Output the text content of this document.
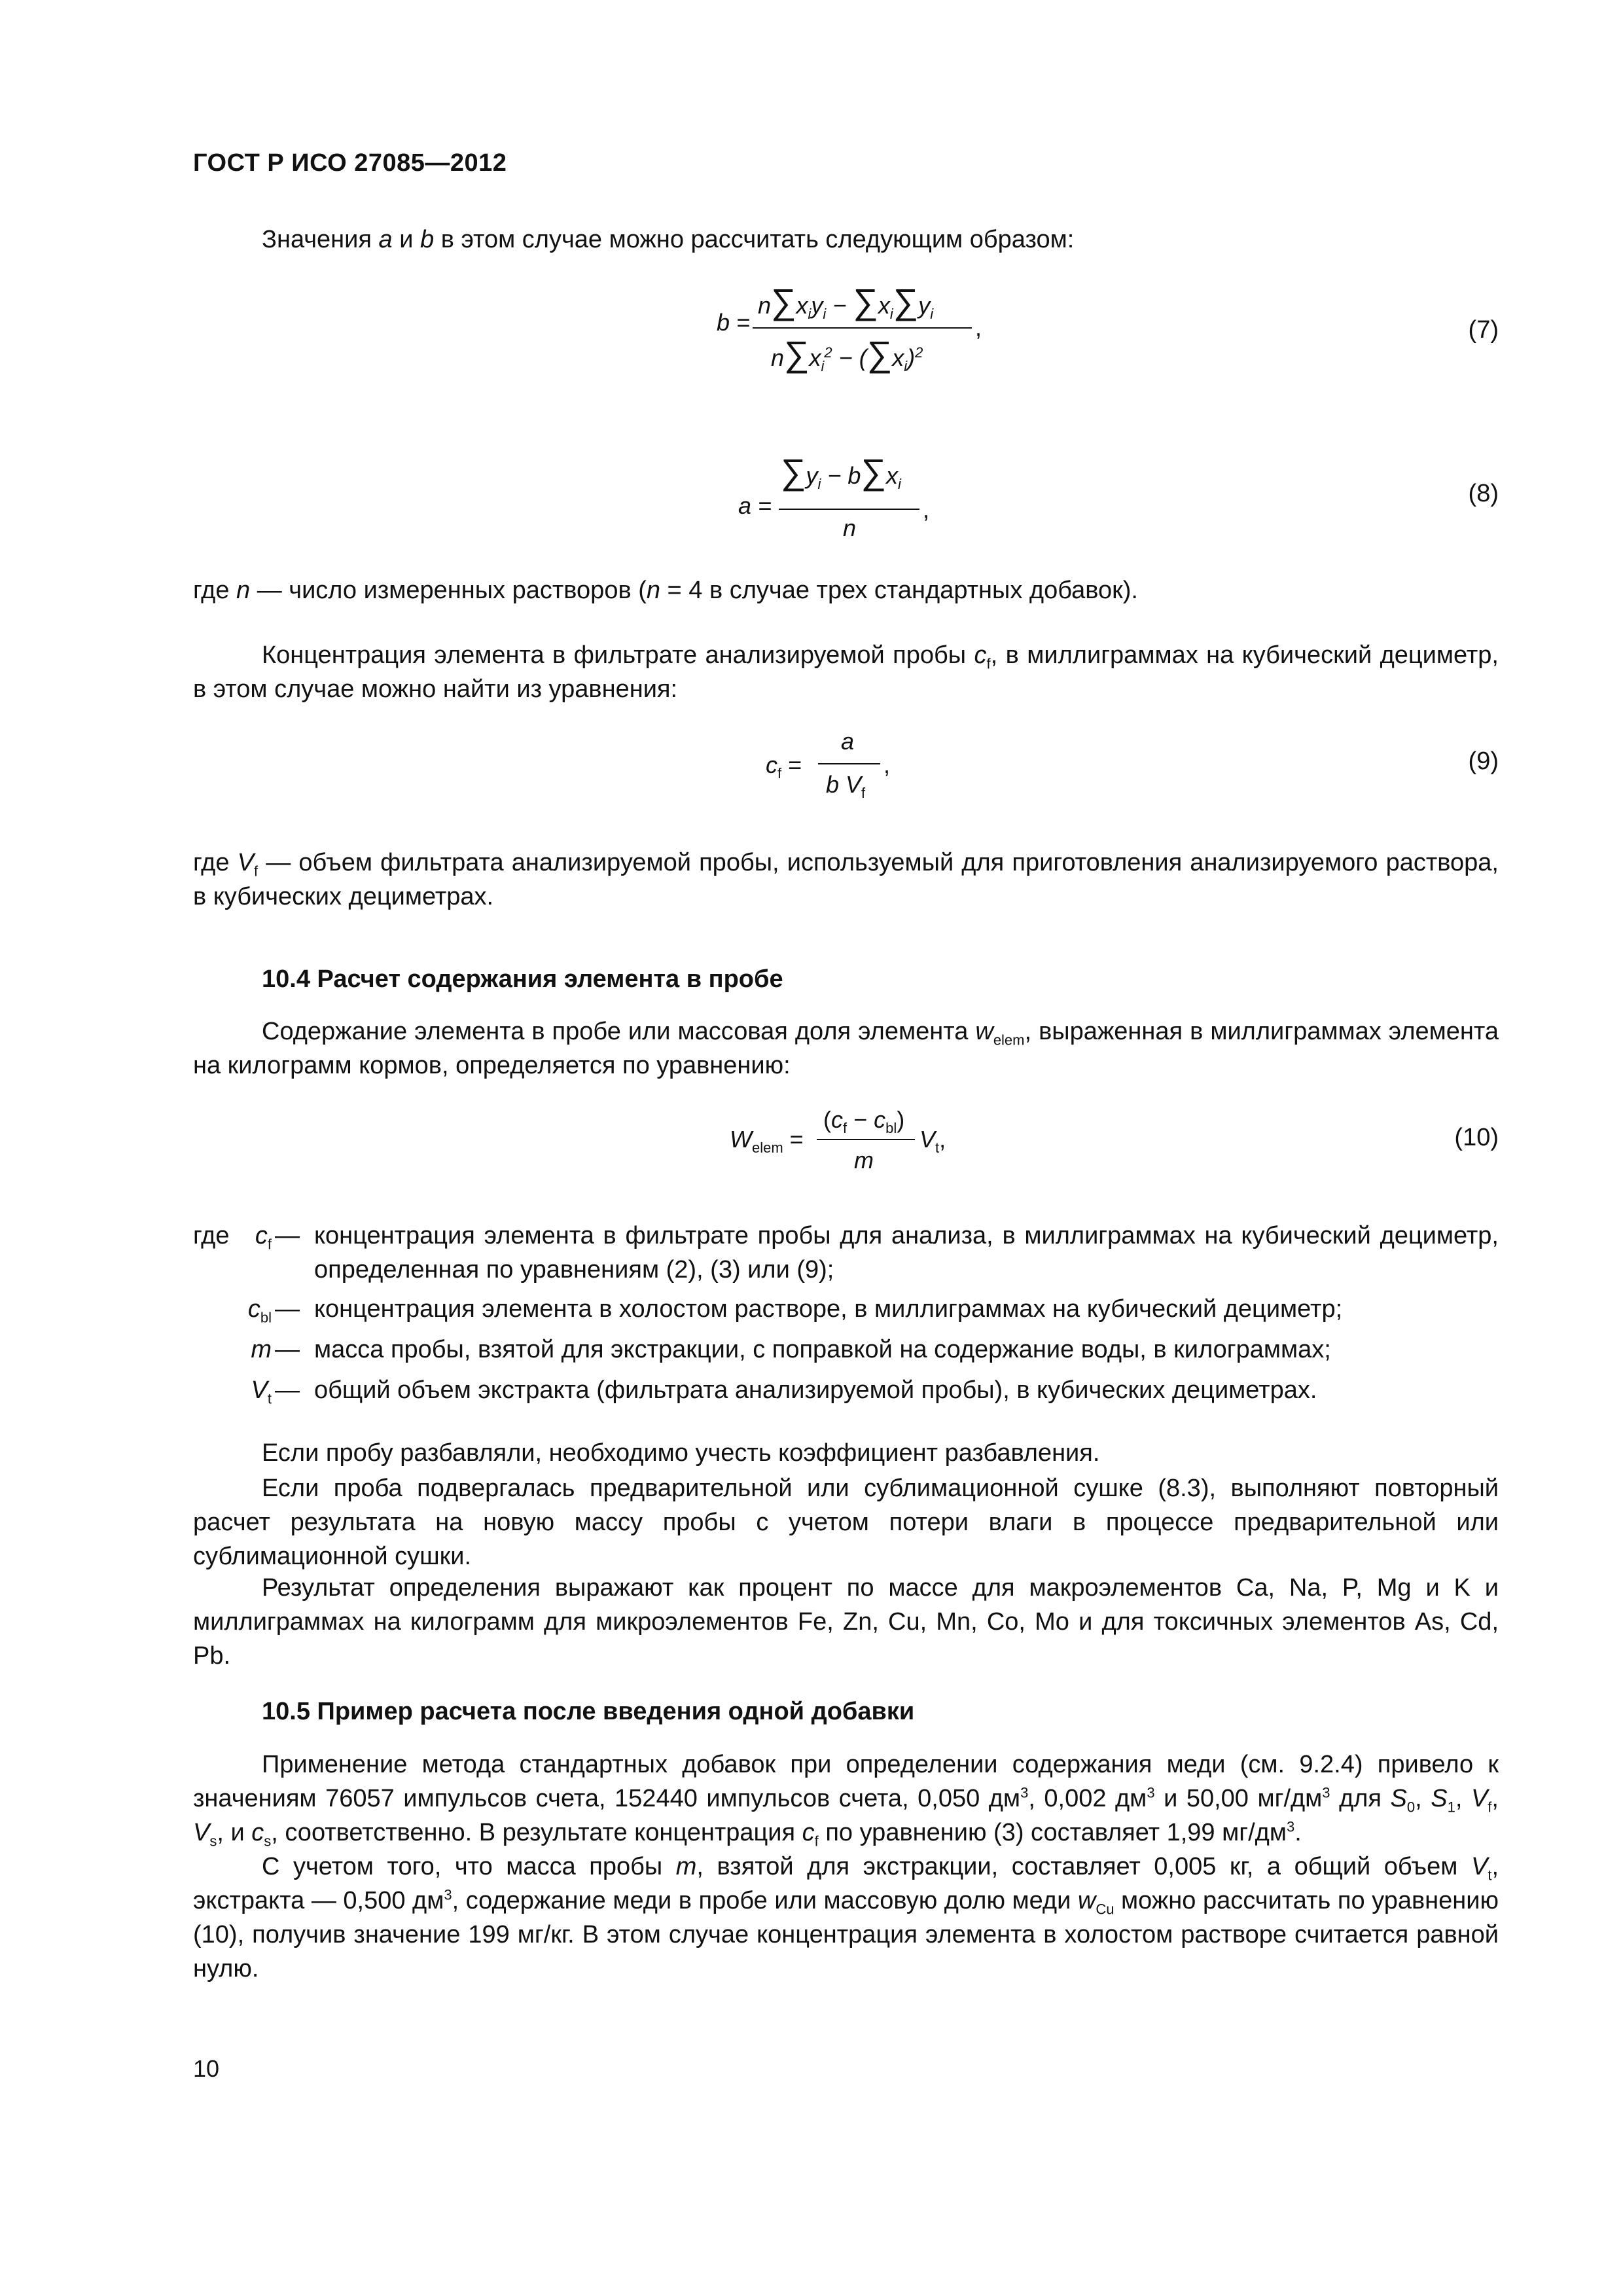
ГОСТ Р ИСО 27085—2012
Значения a и b в этом случае можно рассчитать следующим образом:
b =
$n\sum x_iy_i - \sum x_i\sum y_i$
$n\sum x_i^2 - (\sum x_i)^2$
,	(7)
a =
$\sum y_i - b\sum x_i$
n
,
(8)
где n — число измеренных растворов (n = 4 в случае трех стандартных добавок).
Концентрация элемента в фильтрате анализируемой пробы $c_f$, в миллиграммах на кубический дециметр, в этом случае можно найти из уравнения:
$c_f$ =
a
b $V_f$
,	(9)
где $V_f$ — объем фильтрата анализируемой пробы, используемый для приготовления анализируемого раствора, в кубических дециметрах.
10.4 Расчет содержания элемента в пробе
Содержание элемента в пробе или массовая доля элемента $w_{elem}$, выраженная в миллиграммах элемента на килограмм кормов, определяется по уравнению:
$W_{elem}$ =
$(c_f - c_{bl})$
m
$V_t$,	(10)
где	$c_f$ — концентрация элемента в фильтрате пробы для анализа, в миллиграммах на кубический дециметр, определенная по уравнениям (2), (3) или (9);
$c_{bl}$ — концентрация элемента в холостом растворе, в миллиграммах на кубический дециметр;
m — масса пробы, взятой для экстракции, с поправкой на содержание воды, в килограммах;
$V_t$ — общий объем экстракта (фильтрата анализируемой пробы), в кубических дециметрах.
Если пробу разбавляли, необходимо учесть коэффициент разбавления.
Если проба подвергалась предварительной или сублимационной сушке (8.3), выполняют повторный расчет результата на новую массу пробы с учетом потери влаги в процессе предварительной или сублимационной сушки.
Результат определения выражают как процент по массе для макроэлементов Ca, Na, P, Mg и K и миллиграммах на килограмм для микроэлементов Fe, Zn, Cu, Mn, Co, Mo и для токсичных элементов As, Cd, Pb.
10.5 Пример расчета после введения одной добавки
Применение метода стандартных добавок при определении содержания меди (см. 9.2.4) привело к значениям 76057 импульсов счета, 152440 импульсов счета, 0,050 $дм^3$, 0,002 $дм^3$ и 50,00 $мг/дм^3$ для $S_0$, $S_1$, $V_f$, $V_s$, и $c_s$, соответственно. В результате концентрация $c_f$ по уравнению (3) составляет 1,99 $мг/дм^3$.
С учетом того, что масса пробы m, взятой для экстракции, составляет 0,005 кг, а общий объем $V_t$, экстракта — 0,500 $дм^3$, содержание меди в пробе или массовую долю меди $w_{Cu}$ можно рассчитать по уравнению (10), получив значение 199 мг/кг. В этом случае концентрация элемента в холостом растворе считается равной нулю.
10
